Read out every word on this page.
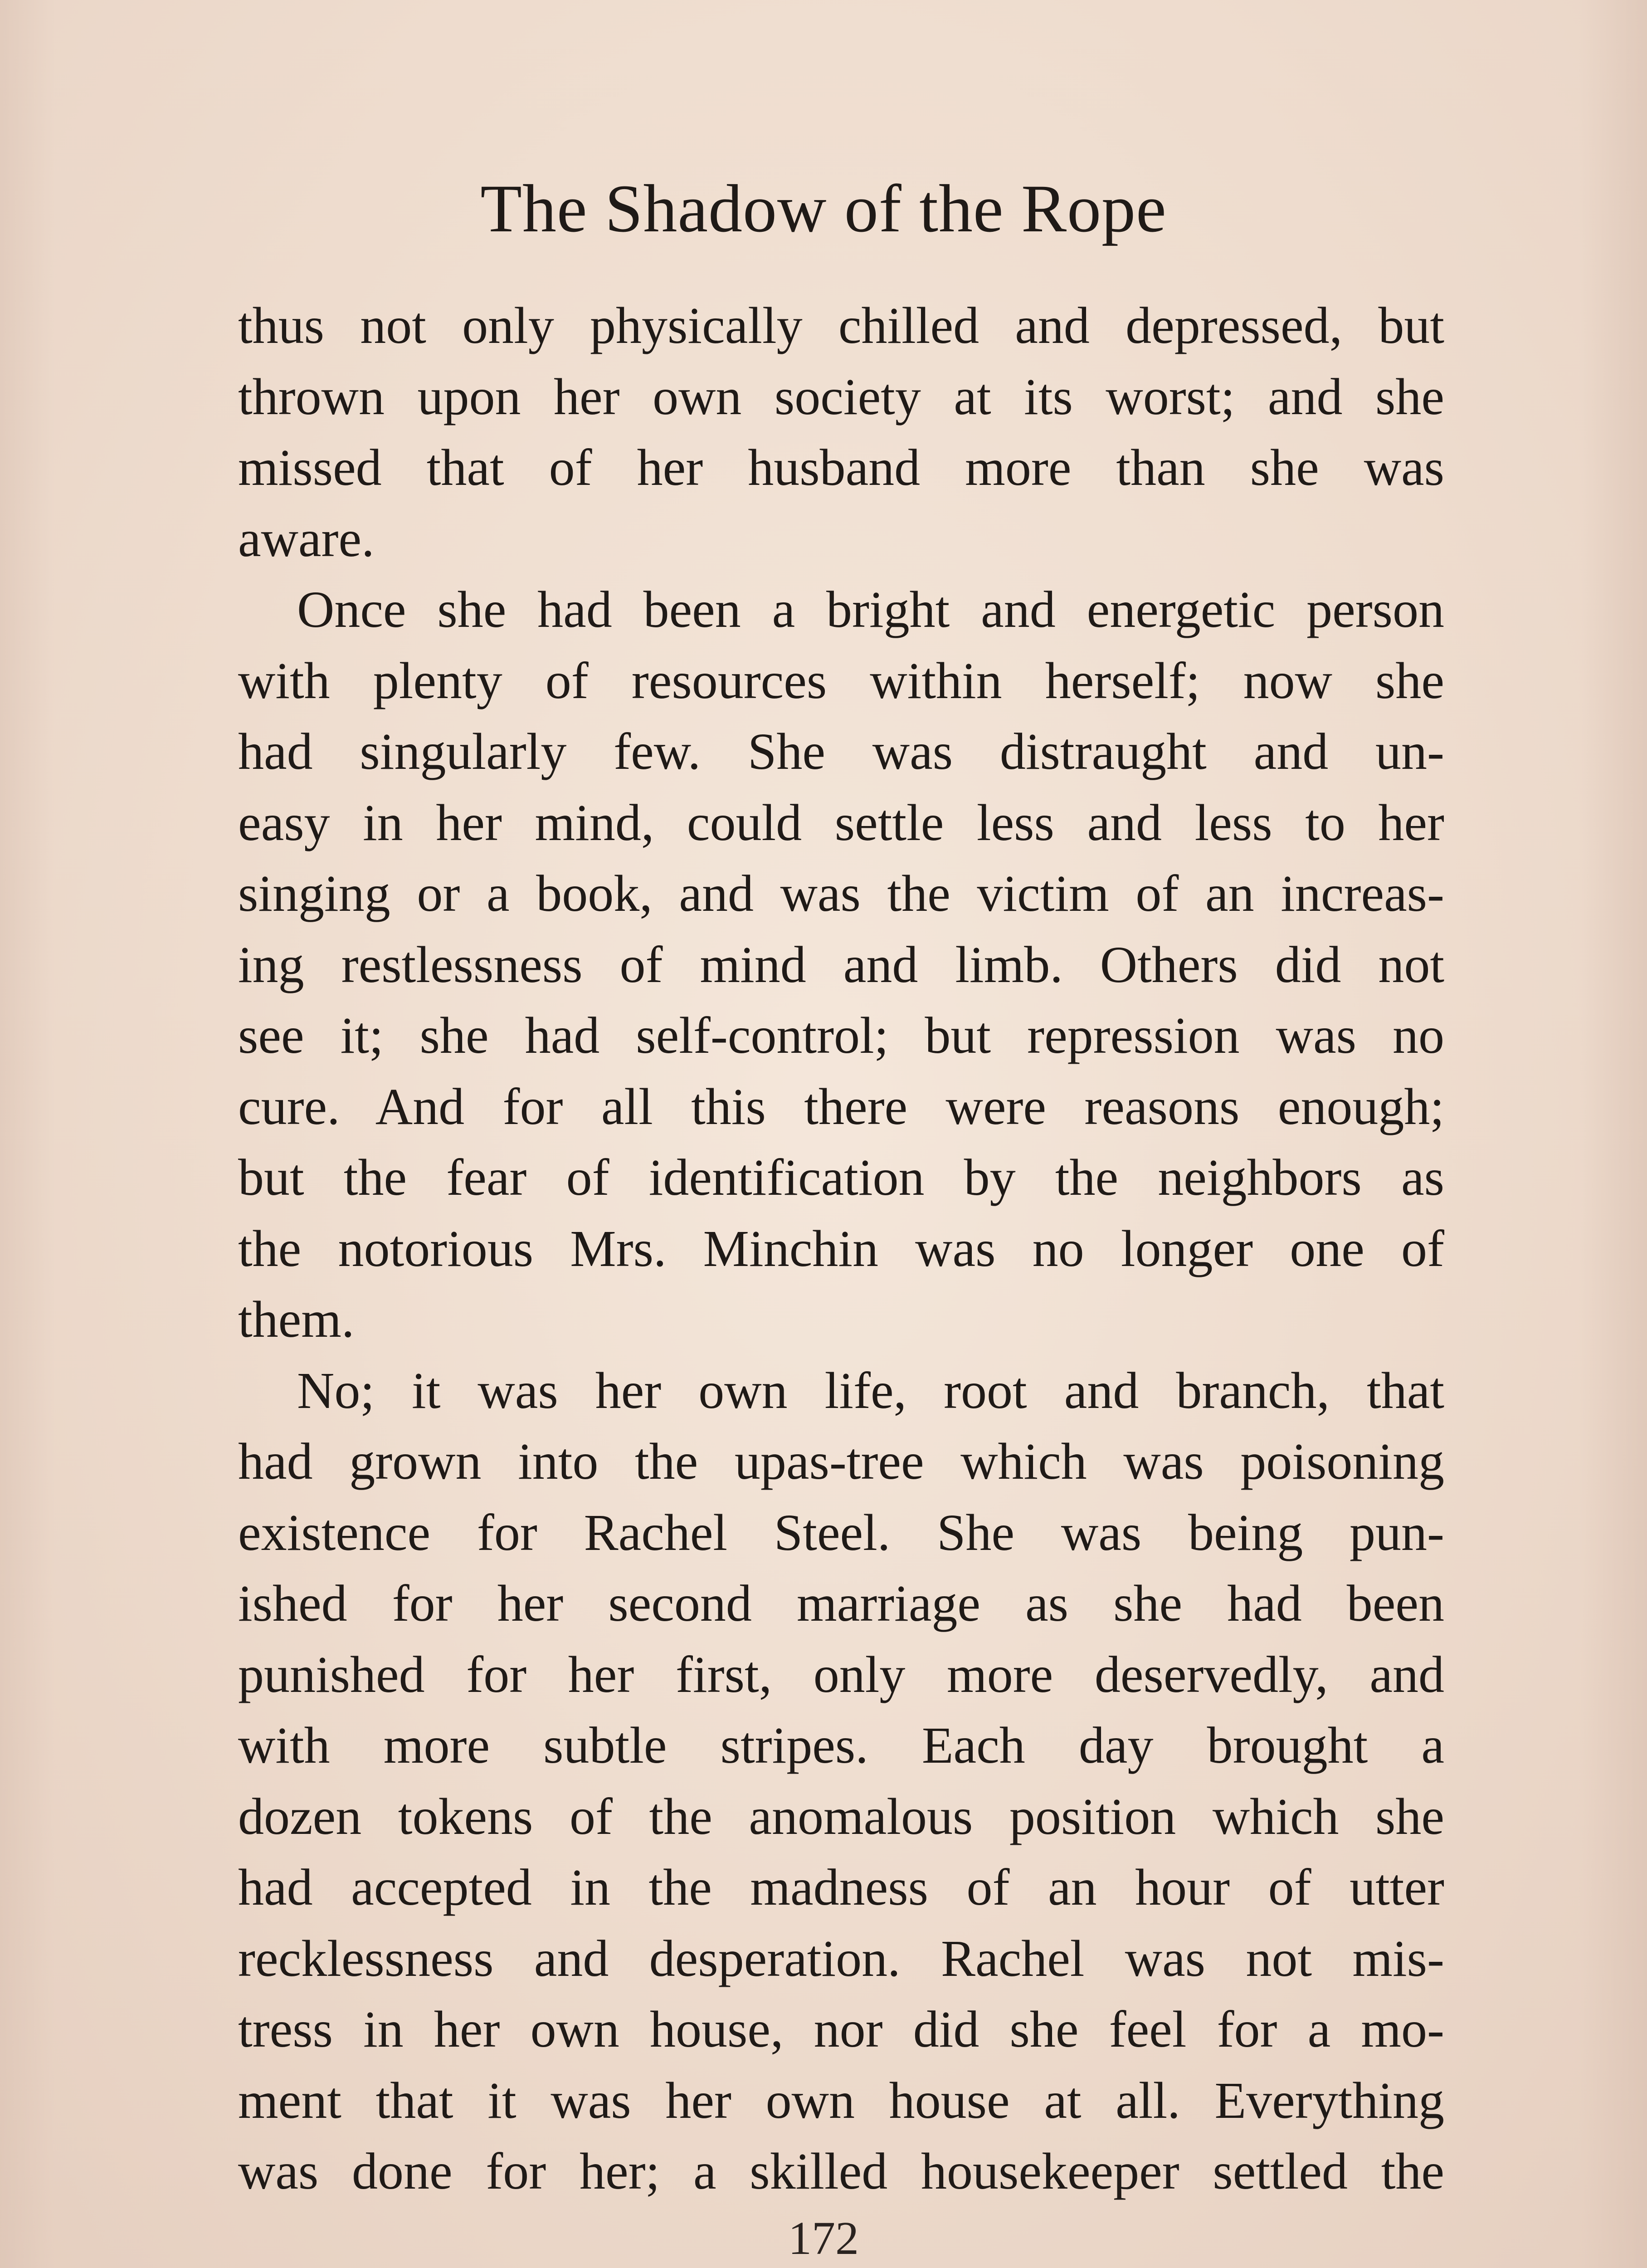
The Shadow of the Rope
thus not only physically chilled and depressed, but
thrown upon her own society at its worst; and she
missed that of her husband more than she was
aware.
Once she had been a bright and energetic person
with plenty of resources within herself; now she
had singularly few. She was distraught and un-
easy in her mind, could settle less and less to her
singing or a book, and was the victim of an increas-
ing restlessness of mind and limb. Others did not
see it; she had self-control; but repression was no
cure. And for all this there were reasons enough;
but the fear of identification by the neighbors as
the notorious Mrs. Minchin was no longer one of
them.
No; it was her own life, root and branch, that
had grown into the upas-tree which was poisoning
existence for Rachel Steel. She was being pun-
ished for her second marriage as she had been
punished for her first, only more deservedly, and
with more subtle stripes. Each day brought a
dozen tokens of the anomalous position which she
had accepted in the madness of an hour of utter
recklessness and desperation. Rachel was not mis-
tress in her own house, nor did she feel for a mo-
ment that it was her own house at all. Everything
was done for her; a skilled housekeeper settled the
172
